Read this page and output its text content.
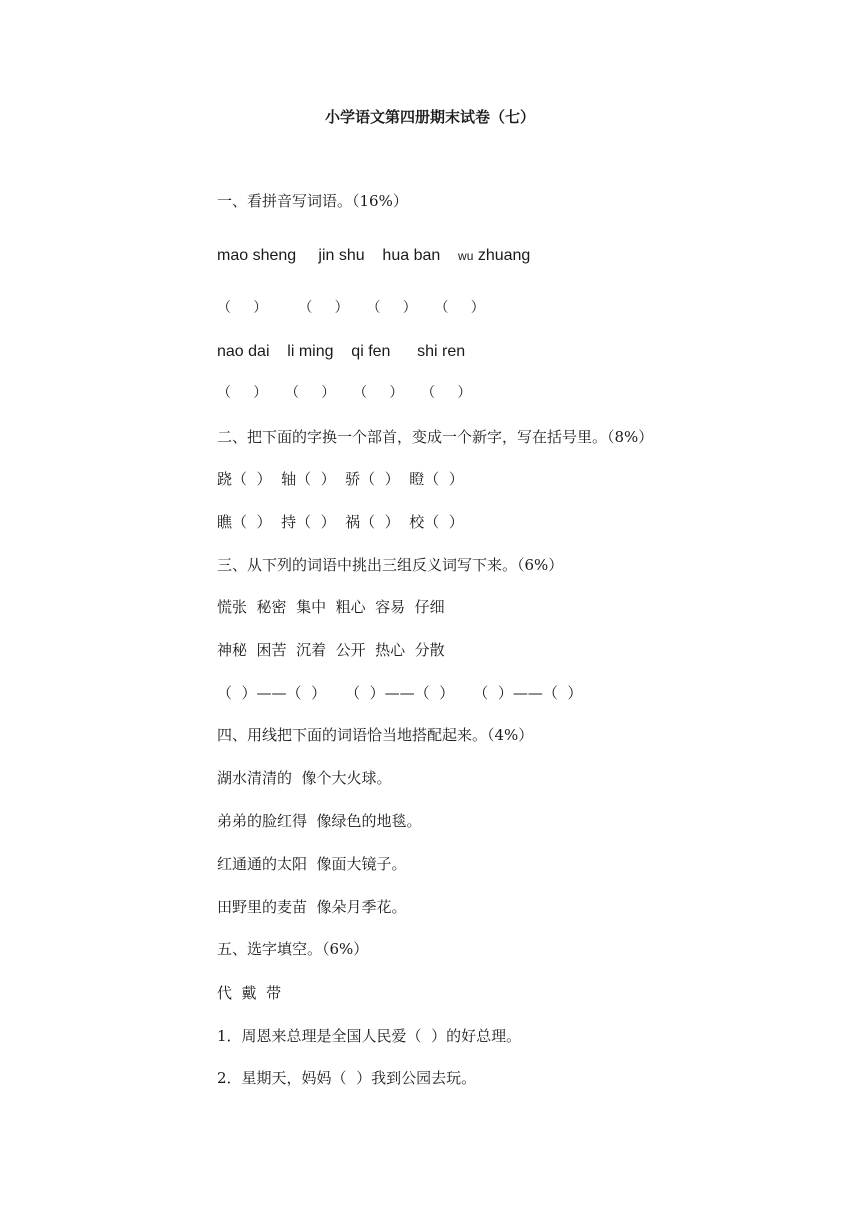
小学语文第四册期末试卷（七）
一、看拼音写词语。（16%）
mao sheng     jin shu    hua ban    wu zhuang
（     ）       （     ）    （     ）    （     ）
nao dai    li ming    qi fen      shi ren
（     ）    （     ）    （     ）    （     ）
二、把下面的字换一个部首，变成一个新字，写在括号里。（8%）
跷（  ）  轴（  ）  骄（  ）  瞪（  ）
瞧（  ）  持（  ）  祸（  ）  校（  ）
三、从下列的词语中挑出三组反义词写下来。（6%）
慌张  秘密  集中  粗心  容易  仔细
神秘  困苦  沉着  公开  热心  分散
（  ）——（  ）    （  ）——（  ）    （  ）——（  ）
四、用线把下面的词语恰当地搭配起来。（4%）
湖水清清的  像个大火球。
弟弟的脸红得  像绿色的地毯。
红通通的太阳  像面大镜子。
田野里的麦苗  像朵月季花。
五、选字填空。（6%）
代  戴  带
1．周恩来总理是全国人民爱（  ）的好总理。
2．星期天，妈妈（  ）我到公园去玩。
